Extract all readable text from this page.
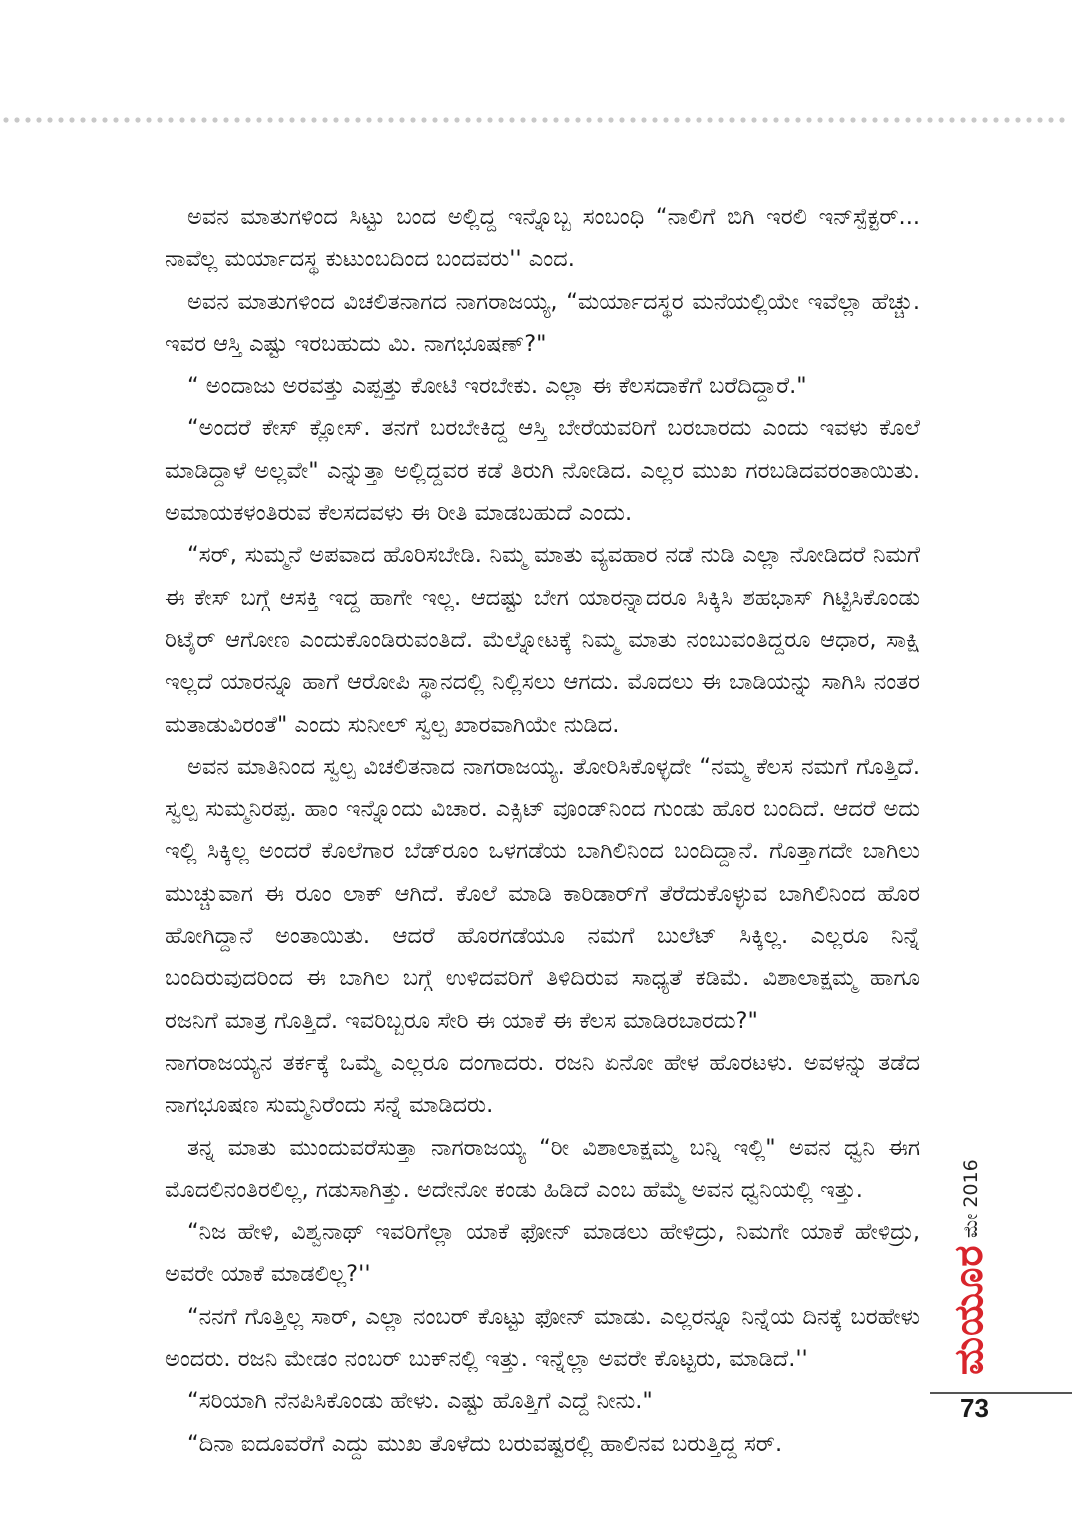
ಅವನ ಮಾತುಗಳಿಂದ ಸಿಟ್ಟು ಬಂದ ಅಲ್ಲಿದ್ದ ಇನ್ನೊಬ್ಬ ಸಂಬಂಧಿ “ನಾಲಿಗೆ ಬಿಗಿ ಇರಲಿ ಇನ್‌ಸ್ಪೆಕ್ಟರ್... ನಾವೆಲ್ಲ ಮರ್ಯಾದಸ್ಥ ಕುಟುಂಬದಿಂದ ಬಂದವರು'' ಎಂದ.

ಅವನ ಮಾತುಗಳಿಂದ ವಿಚಲಿತನಾಗದ ನಾಗರಾಜಯ್ಯ, “ಮರ್ಯಾದಸ್ಥರ ಮನೆಯಲ್ಲಿಯೇ ಇವೆಲ್ಲಾ ಹೆಚ್ಚು. ಇವರ ಆಸ್ತಿ ಎಷ್ಟು ಇರಬಹುದು ಮಿ. ನಾಗಭೂಷಣ್?"

“ ಅಂದಾಜು ಅರವತ್ತು ಎಪ್ಪತ್ತು ಕೋಟಿ ಇರಬೇಕು. ಎಲ್ಲಾ ಈ ಕೆಲಸದಾಕೆಗೆ ಬರೆದಿದ್ದಾರೆ."

“ಅಂದರೆ ಕೇಸ್ ಕ್ಲೋಸ್. ತನಗೆ ಬರಬೇಕಿದ್ದ ಆಸ್ತಿ ಬೇರೆಯವರಿಗೆ ಬರಬಾರದು ಎಂದು ಇವಳು ಕೊಲೆ ಮಾಡಿದ್ದಾಳೆ ಅಲ್ಲವೇ" ಎನ್ನುತ್ತಾ ಅಲ್ಲಿದ್ದವರ ಕಡೆ ತಿರುಗಿ ನೋಡಿದ. ಎಲ್ಲರ ಮುಖ ಗರಬಡಿದವರಂತಾಯಿತು. ಅಮಾಯಕಳಂತಿರುವ ಕೆಲಸದವಳು ಈ ರೀತಿ ಮಾಡಬಹುದೆ ಎಂದು.

“ಸರ್, ಸುಮ್ಮನೆ ಅಪವಾದ ಹೊರಿಸಬೇಡಿ. ನಿಮ್ಮ ಮಾತು ವ್ಯವಹಾರ ನಡೆ ನುಡಿ ಎಲ್ಲಾ ನೋಡಿದರೆ ನಿಮಗೆ ಈ ಕೇಸ್ ಬಗ್ಗೆ ಆಸಕ್ತಿ ಇದ್ದ ಹಾಗೇ ಇಲ್ಲ. ಆದಷ್ಟು ಬೇಗ ಯಾರನ್ನಾದರೂ ಸಿಕ್ಕಿಸಿ ಶಹಭಾಸ್ ಗಿಟ್ಟಿಸಿಕೊಂಡು ರಿಟೈರ್ ಆಗೋಣ ಎಂದುಕೊಂಡಿರುವಂತಿದೆ. ಮೆಲ್ನೋಟಕ್ಕೆ ನಿಮ್ಮ ಮಾತು ನಂಬುವಂತಿದ್ದರೂ ಆಧಾರ, ಸಾಕ್ಷಿ ಇಲ್ಲದೆ ಯಾರನ್ನೂ ಹಾಗೆ ಆರೋಪಿ ಸ್ಥಾನದಲ್ಲಿ ನಿಲ್ಲಿಸಲು ಆಗದು. ಮೊದಲು ಈ ಬಾಡಿಯನ್ನು ಸಾಗಿಸಿ ನಂತರ ಮತಾಡುವಿರಂತೆ" ಎಂದು ಸುನೀಲ್ ಸ್ವಲ್ಪ ಖಾರವಾಗಿಯೇ ನುಡಿದ.

ಅವನ ಮಾತಿನಿಂದ ಸ್ವಲ್ಪ ವಿಚಲಿತನಾದ ನಾಗರಾಜಯ್ಯ. ತೋರಿಸಿಕೊಳ್ಳದೇ “ನಮ್ಮ ಕೆಲಸ ನಮಗೆ ಗೊತ್ತಿದೆ. ಸ್ವಲ್ಪ ಸುಮ್ಮನಿರಪ್ಪ. ಹಾಂ ಇನ್ನೊಂದು ವಿಚಾರ. ಎಕ್ಸಿಟ್ ವೂಂಡ್‌ನಿಂದ ಗುಂಡು ಹೊರ ಬಂದಿದೆ. ಆದರೆ ಅದು ಇಲ್ಲಿ ಸಿಕ್ಕಿಲ್ಲ ಅಂದರೆ ಕೊಲೆಗಾರ ಬೆಡ್‌ರೂಂ ಒಳಗಡೆಯ ಬಾಗಿಲಿನಿಂದ ಬಂದಿದ್ದಾನೆ. ಗೊತ್ತಾಗದೇ ಬಾಗಿಲು ಮುಚ್ಚುವಾಗ ಈ ರೂಂ ಲಾಕ್ ಆಗಿದೆ. ಕೊಲೆ ಮಾಡಿ ಕಾರಿಡಾರ್‌ಗೆ ತೆರೆದುಕೊಳ್ಳುವ ಬಾಗಿಲಿನಿಂದ ಹೊರ ಹೋಗಿದ್ದಾನೆ ಅಂತಾಯಿತು. ಆದರೆ ಹೊರಗಡೆಯೂ ನಮಗೆ ಬುಲೆಟ್ ಸಿಕ್ಕಿಲ್ಲ. ಎಲ್ಲರೂ ನಿನ್ನೆ ಬಂದಿರುವುದರಿಂದ ಈ ಬಾಗಿಲ ಬಗ್ಗೆ ಉಳಿದವರಿಗೆ ತಿಳಿದಿರುವ ಸಾಧ್ಯತೆ ಕಡಿಮೆ. ವಿಶಾಲಾಕ್ಷಮ್ಮ ಹಾಗೂ ರಜನಿಗೆ ಮಾತ್ರ ಗೊತ್ತಿದೆ. ಇವರಿಬ್ಬರೂ ಸೇರಿ ಈ ಯಾಕೆ ಈ ಕೆಲಸ ಮಾಡಿರಬಾರದು?"

ನಾಗರಾಜಯ್ಯನ ತರ್ಕಕ್ಕೆ ಒಮ್ಮೆ ಎಲ್ಲರೂ ದಂಗಾದರು. ರಜನಿ ಏನೋ ಹೇಳ ಹೊರಟಳು. ಅವಳನ್ನು ತಡೆದ ನಾಗಭೂಷಣ ಸುಮ್ಮನಿರೆಂದು ಸನ್ನೆ ಮಾಡಿದರು.

ತನ್ನ ಮಾತು ಮುಂದುವರೆಸುತ್ತಾ ನಾಗರಾಜಯ್ಯ “ರೀ ವಿಶಾಲಾಕ್ಷಮ್ಮ ಬನ್ನಿ ಇಲ್ಲಿ" ಅವನ ಧ್ವನಿ ಈಗ ಮೊದಲಿನಂತಿರಲಿಲ್ಲ, ಗಡುಸಾಗಿತ್ತು. ಅದೇನೋ ಕಂಡು ಹಿಡಿದೆ ಎಂಬ ಹೆಮ್ಮೆ ಅವನ ಧ್ವನಿಯಲ್ಲಿ ಇತ್ತು.

“ನಿಜ ಹೇಳಿ, ವಿಶ್ವನಾಥ್ ಇವರಿಗೆಲ್ಲಾ ಯಾಕೆ ಫೋನ್ ಮಾಡಲು ಹೇಳಿದ್ರು, ನಿಮಗೇ ಯಾಕೆ ಹೇಳಿದ್ರು, ಅವರೇ ಯಾಕೆ ಮಾಡಲಿಲ್ಲ?''

“ನನಗೆ ಗೊತ್ತಿಲ್ಲ ಸಾರ್, ಎಲ್ಲಾ ನಂಬರ್ ಕೊಟ್ಟು ಫೋನ್ ಮಾಡು. ಎಲ್ಲರನ್ನೂ ನಿನ್ನೆಯ ದಿನಕ್ಕೆ ಬರಹೇಳು ಅಂದರು. ರಜನಿ ಮೇಡಂ ನಂಬರ್ ಬುಕ್‌ನಲ್ಲಿ ಇತ್ತು. ಇನ್ನೆಲ್ಲಾ ಅವರೇ ಕೊಟ್ಟರು, ಮಾಡಿದೆ.''

“ಸರಿಯಾಗಿ ನೆನಪಿಸಿಕೊಂಡು ಹೇಳು. ಎಷ್ಟು ಹೊತ್ತಿಗೆ ಎದ್ದೆ ನೀನು."

“ದಿನಾ ಐದೂವರೆಗೆ ಎದ್ದು ಮುಖ ತೊಳೆದು ಬರುವಷ್ಟರಲ್ಲಿ ಹಾಲಿನವ ಬರುತ್ತಿದ್ದ ಸರ್.

ಮೇ 2016
ಮಯೂರ
73
